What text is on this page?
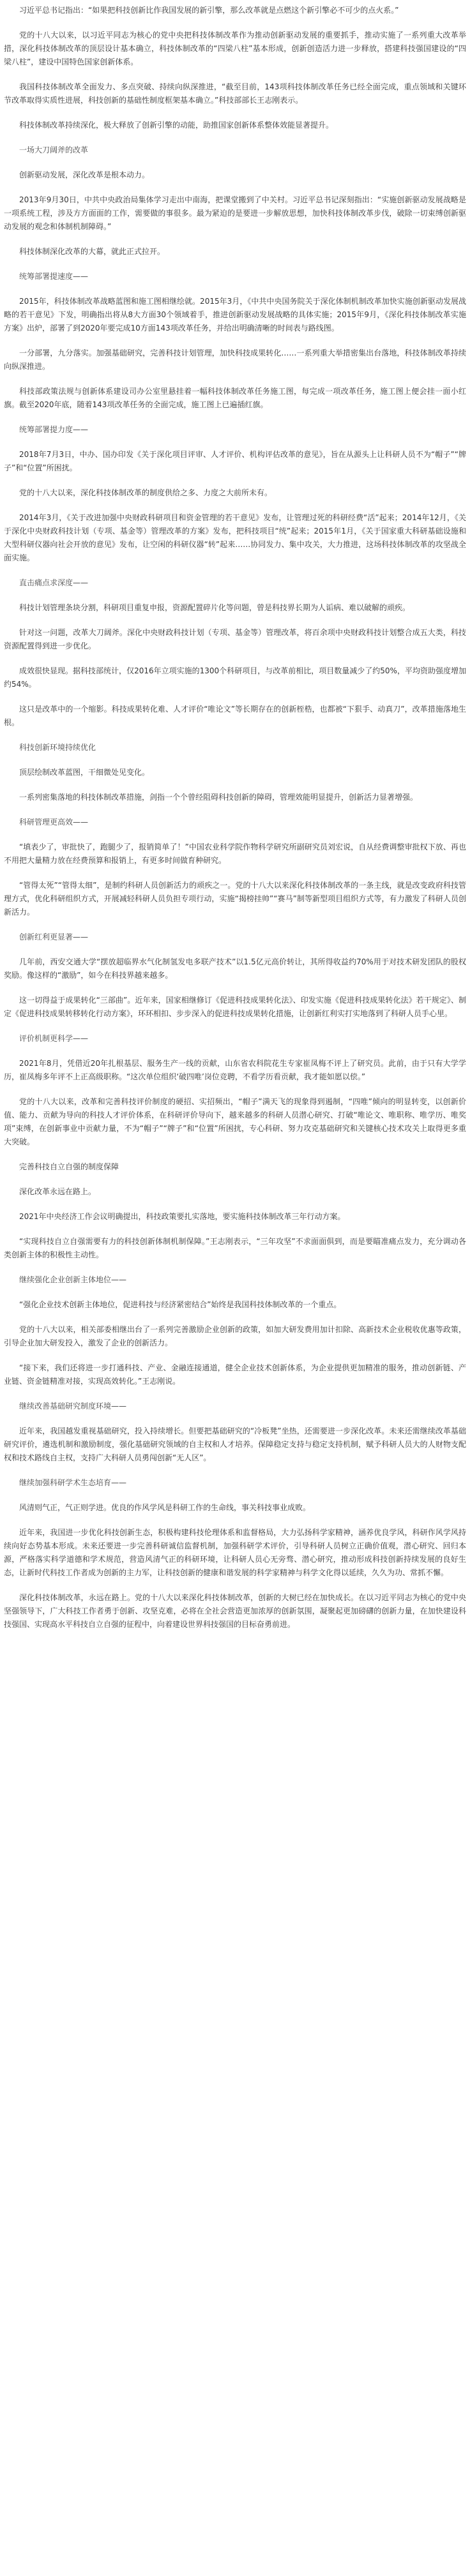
习近平总书记指出：“如果把科技创新比作我国发展的新引擎，那么改革就是点燃这个新引擎必不可少的点火系。”

党的十八大以来，以习近平同志为核心的党中央把科技体制改革作为推动创新驱动发展的重要抓手，推动实施了一系列重大改革举措，深化科技体制改革的顶层设计基本确立，科技体制改革的“四梁八柱”基本形成，创新创造活力进一步释放，搭建科技强国建设的“四梁八柱”，建设中国特色国家创新体系。

我国科技体制改革全面发力、多点突破、持续向纵深推进，“截至目前，143项科技体制改革任务已经全面完成，重点领域和关键环节改革取得实质性进展，科技创新的基础性制度框架基本确立。”科技部部长王志刚表示。

科技体制改革持续深化，极大释放了创新引擎的动能，助推国家创新体系整体效能显著提升。

一场大刀阔斧的改革

创新驱动发展，深化改革是根本动力。

2013年9月30日，中共中央政治局集体学习走出中南海，把课堂搬到了中关村。习近平总书记深刻指出：“实施创新驱动发展战略是一项系统工程，涉及方方面面的工作，需要做的事很多。最为紧迫的是要进一步解放思想，加快科技体制改革步伐，破除一切束缚创新驱动发展的观念和体制机制障碍。”

科技体制深化改革的大幕，就此正式拉开。

统筹部署提速度——

2015年，科技体制改革战略蓝图和施工图相继绘就。2015年3月，《中共中央国务院关于深化体制机制改革加快实施创新驱动发展战略的若干意见》下发，明确指出将从8大方面30个领域着手，推进创新驱动发展战略的具体实施；2015年9月，《深化科技体制改革实施方案》出炉，部署了到2020年要完成10方面143项改革任务，并给出明确清晰的时间表与路线图。

一分部署，九分落实。加强基础研究，完善科技计划管理，加快科技成果转化……一系列重大举措密集出台落地，科技体制改革持续向纵深推进。

科技部政策法规与创新体系建设司办公室里悬挂着一幅科技体制改革任务施工图，每完成一项改革任务，施工图上便会挂一面小红旗。截至2020年底，随着143项改革任务的全面完成，施工图上已遍插红旗。

统筹部署提力度——

2018年7月3日，中办、国办印发《关于深化项目评审、人才评价、机构评估改革的意见》，旨在从源头上让科研人员不为“帽子”“牌子”和“位置”所困扰。

党的十八大以来，深化科技体制改革的制度供给之多、力度之大前所未有。

2014年3月，《关于改进加强中央财政科研项目和资金管理的若干意见》发布，让管理过死的科研经费“活”起来；2014年12月，《关于深化中央财政科技计划（专项、基金等）管理改革的方案》发布，把科技项目“统”起来；2015年1月，《关于国家重大科研基础设施和大型科研仪器向社会开放的意见》发布，让空闲的科研仪器“转”起来……协同发力、集中攻关，大力推进，这场科技体制改革的攻坚战全面实施。

直击痛点求深度——

科技计划管理条块分割，科研项目重复申报，资源配置碎片化等问题，曾是科技界长期为人诟病、难以破解的顽疾。

针对这一问题，改革大刀阔斧。深化中央财政科技计划（专项、基金等）管理改革，将百余项中央财政科技计划整合成五大类，科技资源配置得到进一步优化。

成效很快显现。据科技部统计，仅2016年立项实施的1300个科研项目，与改革前相比，项目数量减少了约50%，平均资助强度增加约54%。

这只是改革中的一个缩影。科技成果转化难、人才评价“唯论文”等长期存在的创新桎梏，也都被“下狠手、动真刀”，改革措施落地生根。

科技创新环境持续优化

顶层绘制改革蓝图，干细微处见变化。

一系列密集落地的科技体制改革措施，剑指一个个曾经阻碍科技创新的障碍，管理效能明显提升，创新活力显著增强。

科研管理更高效——

“填表少了，审批快了，跑腿少了，报销简单了！”中国农业科学院作物科学研究所副研究员刘宏说，自从经费调整审批权下放、再也不用把大量精力放在经费预算和报销上，有更多时间做育种研究。

“管得太死”“管得太细”，是制约科研人员创新活力的顽疾之一。党的十八大以来深化科技体制改革的一条主线，就是改变政府科技管理方式，优化科研组织方式，开展减轻科研人员负担专项行动，实施“揭榜挂帅”“赛马”制等新型项目组织方式等，有力激发了科研人员创新活力。

创新红利更显著——

几年前，西安交通大学“摆放超临界水气化制氢发电多联产技术”以1.5亿元高价转让，其所得收益约70%用于对技术研发团队的股权奖励。像这样的“激励”，如今在科技界越来越多。

这一切得益于成果转化“三部曲”。近年来，国家相继修订《促进科技成果转化法》、印发实施《促进科技成果转化法》若干规定》、制定《促进科技成果转移转化行动方案》，环环相扣、步步深入的促进科技成果转化措施，让创新红利实打实地落到了科研人员手心里。

评价机制更科学——

2021年8月，凭借近20年扎根基层、服务生产一线的贡献，山东省农科院花生专家崔凤梅不评上了研究员。此前，由于只有大学学历，崔凤梅多年评不上正高级职称。“这次单位组织‘破四唯’岗位竞聘，不看学历看贡献，我才能如愿以偿。”

党的十八大以来，改革和完善科技评价制度的硬招、实招频出，“帽子”满天飞的现象得到遏制，“四唯”倾向的明显转变，以创新价值、能力、贡献为导向的科技人才评价体系，在科研评价导向下，越来越多的科研人员潜心研究、打破“唯论文、唯职称、唯学历、唯奖项”束缚，在创新事业中贡献力量，不为“帽子”“牌子”和“位置”所困扰，专心科研、努力攻克基础研究和关键核心技术攻关上取得更多重大突破。

完善科技自立自强的制度保障

深化改革永远在路上。

2021年中央经济工作会议明确提出，科技政策要扎实落地，要实施科技体制改革三年行动方案。

“实现科技自立自强需要有力的科技创新体制机制保障。”王志刚表示，“三年攻坚”不求面面俱到，而是要瞄准痛点发力，充分调动各类创新主体的积极性主动性。

继续强化企业创新主体地位——

“强化企业技术创新主体地位，促进科技与经济紧密结合”始终是我国科技体制改革的一个重点。

党的十八大以来，相关部委相继出台了一系列完善激励企业创新的政策，如加大研发费用加计扣除、高新技术企业税收优惠等政策，引导企业加大研发投入，激发了企业的创新活力。

“接下来，我们还将进一步打通科技、产业、金融连接通道，健全企业技术创新体系，为企业提供更加精准的服务，推动创新链、产业链、资金链精准对接，实现高效转化。”王志刚说。

继续改善基础研究制度环境——

近年来，我国越发重视基础研究，投入持续增长。但要把基础研究的“冷板凳”坐热，还需要进一步深化改革。未来还需继续改革基础研究评价，遴选机制和激励制度，强化基础研究领域的自主权和人才培养。保障稳定支持与稳定支持机制，赋予科研人员大的人财物支配权和技术路线自主权，支持广大科研人员勇闯创新“无人区”。

继续加强科研学术生态培育——

风清则气正，气正则学进。优良的作风学风是科研工作的生命线，事关科技事业成败。

近年来，我国进一步优化科技创新生态，积极构建科技伦理体系和监督格局，大力弘扬科学家精神，涵养优良学风，科研作风学风持续向好态势基本形成。未来还要进一步完善科研诚信监督机制，加强科研学术评价，引导科研人员树立正确价值观，潜心研究、回归本源，严格落实科学道德和学术规范，营造风清气正的科研环境，让科研人员心无旁骛、潜心研究，推动形成科技创新持续发展的良好生态，让新时代科技工作者成为创新的主力军，让科技创新的健康和谐发展的科学家精神与科学文化得以延续，久久为功、常抓不懈。

深化科技体制改革，永远在路上。党的十八大以来深化科技体制改革，创新的大树已经在加快成长。在以习近平同志为核心的党中央坚强领导下，广大科技工作者勇于创新、攻坚克难，必将在全社会营造更加浓厚的创新氛围，凝聚起更加磅礴的创新力量，在加快建设科技强国、实现高水平科技自立自强的征程中，向着建设世界科技强国的目标奋勇前进。
